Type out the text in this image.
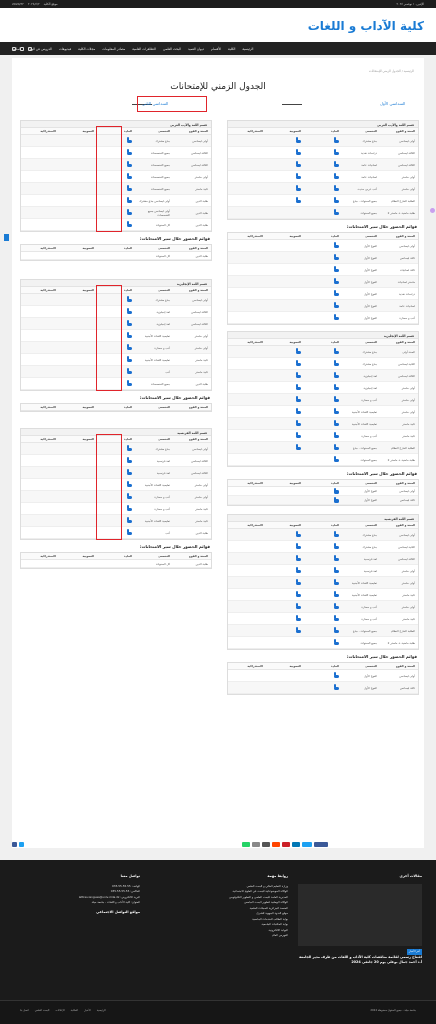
2024/٢٢ ٢٠٢٤/٤/٢ موقع الكلية	الإثنين، ١ نوفمبر ٢٠٢٤
كلية الآداب و اللغات
الرئيسية
الكلية
الأقسام
ديوان العميد
البحث العلمي
التظاهرات العلمية
مصادر المعلومات
مجلات الكلية
فيديوهات
الدروس عن الوباء
المكتبة
الرئيسية / الجدول الزمني للإمتحانات
الجدول الزمني للإمتحانات
السداسي الثاني	السداسي الأول
قسم اللغة والأدب العربي
السنة و الفوج
التخصص
المادة
التصويبة
الاستدراكية
أولى ليسانس
جذع مشترك
الثالثة ليسانس
دراسات نقدية
الثالثة ليسانس
لسانيات عامة
أولى ماستر
لسانيات عامة
أولى ماستر
أدب عربي حديث
الطلبة الخارج النظام
جميع السنوات - جذع
طلبة ماضية + ماستر 2
جميع السنوات
قوائم الحضور خلال سير الامتحانات:
السنة و الفوج
التخصص
المادة
التصويبة
الاستدراكية
أولى ليسانس
الفوج الأول
ثالثة ليسانس
الفوج الأول
ثالثة لسانيات
الفوج الأول
ماستر لسانيات
الفوج الأول
دراسات نقدية
الفوج الأول
لسانيات عامة
الفوج الأول
أدب و حضارة
الفوج الأول
قسم اللغة الإنجليزية
السنة و الفوج
التخصص
المادة
التصويبة
الاستدراكية
السنة أولى
جذع مشترك
الثانية ليسانس
جذع مشترك
الثالثة ليسانس
لغة إنجليزية
أولى ماستر
لغة إنجليزية
أولى ماستر
أدب و حضارة
أولى ماستر
تعليمية اللغات الأجنبية
ثانية ماستر
تعليمية اللغات الأجنبية
ثانية ماستر
أدب و حضارة
الطلبة الخارج النظام
جميع السنوات - جذع
طلبة ماضية + ماستر 2
جميع السنوات
قوائم الحضور خلال سير الامتحانات:
السنة و الفوج
التخصص
المادة
التصويبة
الاستدراكية
أولى ليسانس
الفوج الأول
ثالثة ليسانس
الفوج الأول
قسم اللغة الفرنسية
السنة و الفوج
التخصص
المادة
التصويبة
الاستدراكية
أولى ليسانس
جذع مشترك
الثانية ليسانس
جذع مشترك
الثالثة ليسانس
لغة فرنسية
أولى ماستر
لغة فرنسية
أولى ماستر
تعليمية اللغات الأجنبية
ثانية ماستر
تعليمية اللغات الأجنبية
أولى ماستر
أدب و حضارة
ثانية ماستر
أدب و حضارة
الطلبة الخارج النظام
جميع السنوات - جذع
طلبة ماضية + ماستر 2
جميع السنوات
قوائم الحضور خلال سير الامتحانات:
السنة و الفوج
التخصص
المادة
التصويبة
الاستدراكية
أولى ليسانس
الفوج الأول
ثالثة ليسانس
الفوج الأول
قسم اللغة والأدب العربي
السنة و الفوج
التخصص
المادة
التصويبة
الاستدراكية
أولى ليسانس
جذع مشترك
الثالثة ليسانس
جميع التخصصات
الثالثة ليسانس
جميع التخصصات
أولى ماستر
جميع التخصصات
ثانية ماستر
جميع التخصصات
طلبة الدين
أولى ليسانس جذع مشترك
طلبة الدين
أولى ليسانس جميع التخصصات
طلبة الدين
كل السنوات
قوائم الحضور خلال سير الامتحانات:
السنة و الفوج
التخصص
المادة
التصويبة
الاستدراكية
طلبة الدين
كل السنوات
قسم اللغة الإنجليزية
السنة و الفوج
التخصص
المادة
التصويبة
الاستدراكية
أولى ليسانس
جذع مشترك
الثالثة ليسانس
لغة إنجليزية
الثالثة ليسانس
لغة إنجليزية
أولى ماستر
تعليمية اللغات الأجنبية
أولى ماستر
أدب و حضارة
ثانية ماستر
تعليمية اللغات الأجنبية
ثانية ماستر
أدب
طلبة الدين
جميع التخصصات
قوائم الحضور خلال سير الامتحانات:
السنة و الفوج
التخصص
المادة
التصويبة
الاستدراكية
قسم اللغة الفرنسية
السنة و الفوج
التخصص
المادة
التصويبة
الاستدراكية
أولى ليسانس
جذع مشترك
الثالثة ليسانس
لغة فرنسية
الثالثة ليسانس
لغة فرنسية
أولى ماستر
تعليمية اللغات الأجنبية
أولى ماستر
أدب و حضارة
ثانية ماستر
أدب و حضارة
ثانية ماستر
تعليمية اللغات الأجنبية
طلبة الدين
أدب
قوائم الحضور خلال سير الامتحانات:
السنة و الفوج
التخصص
المادة
التصويبة
الاستدراكية
طلبة الدين
كل السنوات
تواصل معنا
الهاتف: 035.55.55.55
الفاكس: 035.55.55.55
البريد الالكتروني: lettres.langues@univ-mila.dz
العنوان: كلية الآداب و اللغات - جامعة ميلة
مواقع التواصل الاجتماعي
روابط مهمة
وزارة التعليم العالي و البحث العلمي
الوكالة الموضوعاتية للبحث في العلوم الاجتماعية
المديرية العامة للبحث العلمي و التطوير التكنولوجي
الوكالة الوطنية لتطوير البحث الجامعي
المنصة الجزائرية للمجلات العلمية
موقع الندوة الجهوية للشرق
بوابة الطالب للخدمات الجامعية
بوابة المكتبات الجامعية
البوابة الالكترونية
الفهرس العام
مقالات أخرى
آخر الأخبار
افتتاح رسمي لقائمة مناقشات كلية الآداب و اللغات من طرف مدير الجامعة أ.د أحمد جمال بوعلي يوم 20 جانفي 2024
جامعة ميلة - جميع الحقوق محفوظة 2024
الرئيسية
الأخبار
المكتبة
الإعلانات
البحث العلمي
اتصل بنا
